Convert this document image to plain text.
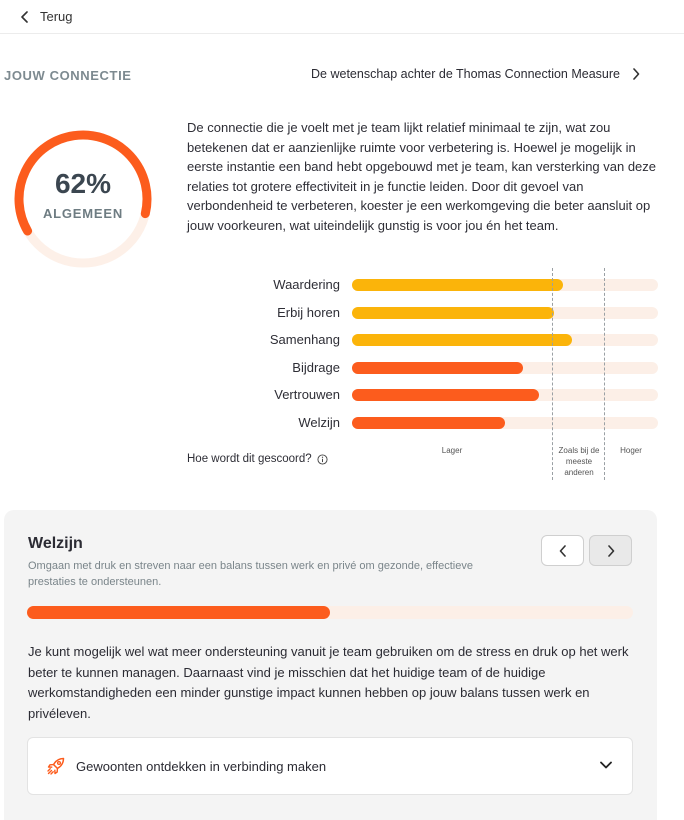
Terug
JOUW CONNECTIE	De wetenschap achter de Thomas Connection Measure
62%
ALGEMEEN

De connectie die je voelt met je team lijkt relatief minimaal te zijn, wat zou betekenen dat er aanzienlijke ruimte voor verbetering is. Hoewel je mogelijk in eerste instantie een band hebt opgebouwd met je team, kan versterking van deze relaties tot grotere effectiviteit in je functie leiden. Door dit gevoel van verbondenheid te verbeteren, koester je een werkomgeving die beter aansluit op jouw voorkeuren, wat uiteindelijk gunstig is voor jou én het team.

Waardering
Erbij horen
Samenhang
Bijdrage
Vertrouwen
Welzijn
Lager	Zoals bij de
meeste
anderen
Hoger
Hoe wordt dit gescoord?
Welzijn
Omgaan met druk en streven naar een balans tussen werk en privé om gezonde, effectieve prestaties te ondersteunen.

Je kunt mogelijk wel wat meer ondersteuning vanuit je team gebruiken om de stress en druk op het werk beter te kunnen managen. Daarnaast vind je misschien dat het huidige team of de huidige werkomstandigheden een minder gunstige impact kunnen hebben op jouw balans tussen werk en privéleven.

Gewoonten ontdekken in verbinding maken
